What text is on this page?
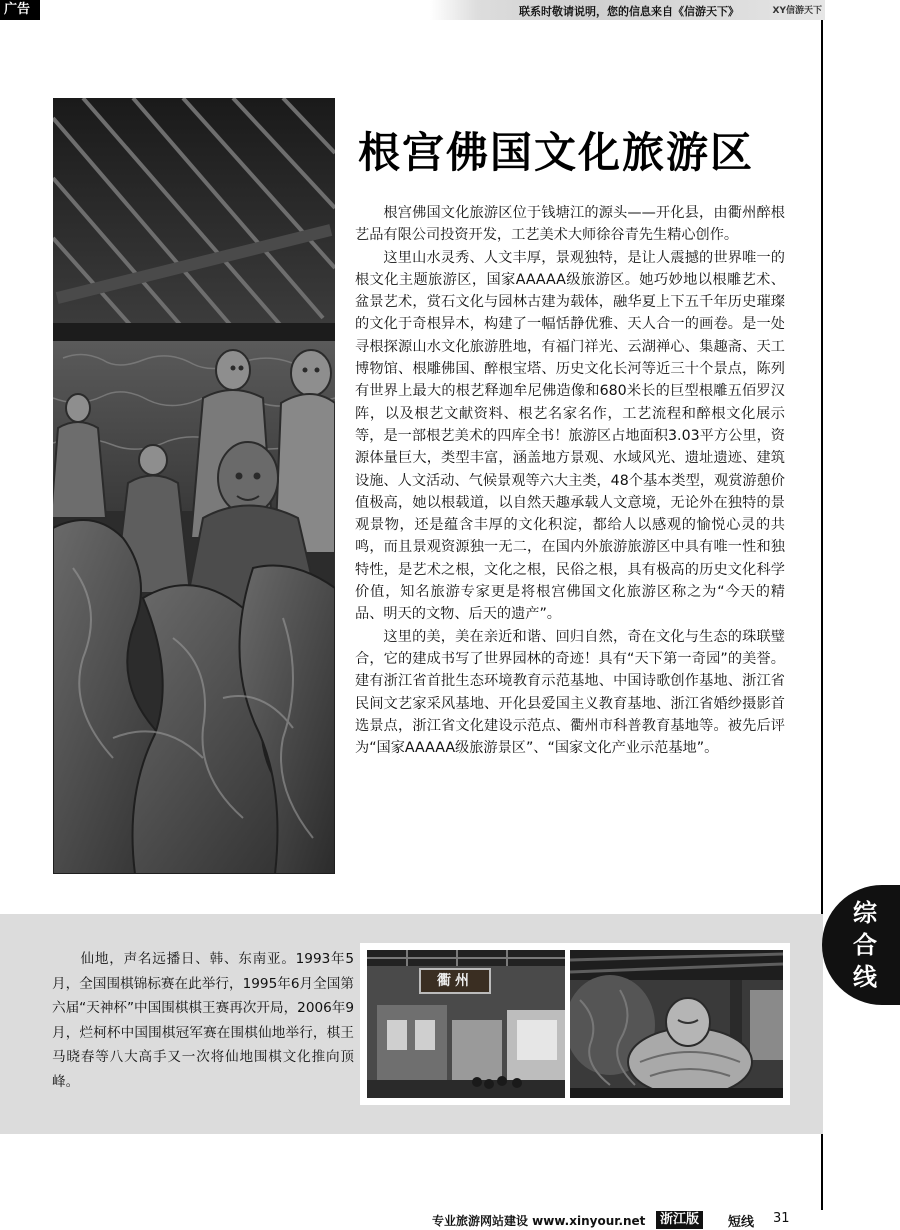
广告	联系时敬请说明，您的信息来自《信游天下》	XY信游天下
根宫佛国文化旅游区

根宫佛国文化旅游区位于钱塘江的源头——开化县，由衢州醉根艺品有限公司投资开发，工艺美术大师徐谷青先生精心创作。

这里山水灵秀、人文丰厚，景观独特，是让人震撼的世界唯一的根文化主题旅游区，国家AAAAA级旅游区。她巧妙地以根雕艺术、盆景艺术，赏石文化与园林古建为载体，融华夏上下五千年历史璀璨的文化于奇根异木，构建了一幅恬静优雅、天人合一的画卷。是一处寻根探源山水文化旅游胜地，有福门祥光、云湖禅心、集趣斋、天工博物馆、根雕佛国、醉根宝塔、历史文化长河等近三十个景点，陈列有世界上最大的根艺释迦牟尼佛造像和680米长的巨型根雕五佰罗汉阵，以及根艺文献资料、根艺名家名作，工艺流程和醉根文化展示等，是一部根艺美术的四库全书！旅游区占地面积3.03平方公里，资源体量巨大，类型丰富，涵盖地方景观、水域风光、遗址遗迹、建筑设施、人文活动、气候景观等六大主类，48个基本类型，观赏游憩价值极高，她以根载道，以自然天趣承载人文意境，无论外在独特的景观景物，还是蕴含丰厚的文化积淀，都给人以感观的愉悦心灵的共鸣，而且景观资源独一无二，在国内外旅游旅游区中具有唯一性和独特性，是艺术之根，文化之根，民俗之根，具有极高的历史文化科学价值，知名旅游专家更是将根宫佛国文化旅游区称之为“今天的精品、明天的文物、后天的遗产”。

这里的美，美在亲近和谐、回归自然，奇在文化与生态的珠联璧合，它的建成书写了世界园林的奇迹！具有“天下第一奇园”的美誉。建有浙江省首批生态环境教育示范基地、中国诗歌创作基地、浙江省民间文艺家采风基地、开化县爱国主义教育基地、浙江省婚纱摄影首选景点，浙江省文化建设示范点、衢州市科普教育基地等。被先后评为“国家AAAAA级旅游景区”、“国家文化产业示范基地”。

仙地，声名远播日、韩、东南亚。1993年5月，全国围棋锦标赛在此举行，1995年6月全国第六届“天神杯”中国围棋棋王赛再次开局，2006年9月，烂柯杯中国围棋冠军赛在围棋仙地举行，棋王马晓春等八大高手又一次将仙地围棋文化推向顶峰。

衢州
综合线
专业旅游网站建设 www.xinyour.net	浙江版	短线 31
